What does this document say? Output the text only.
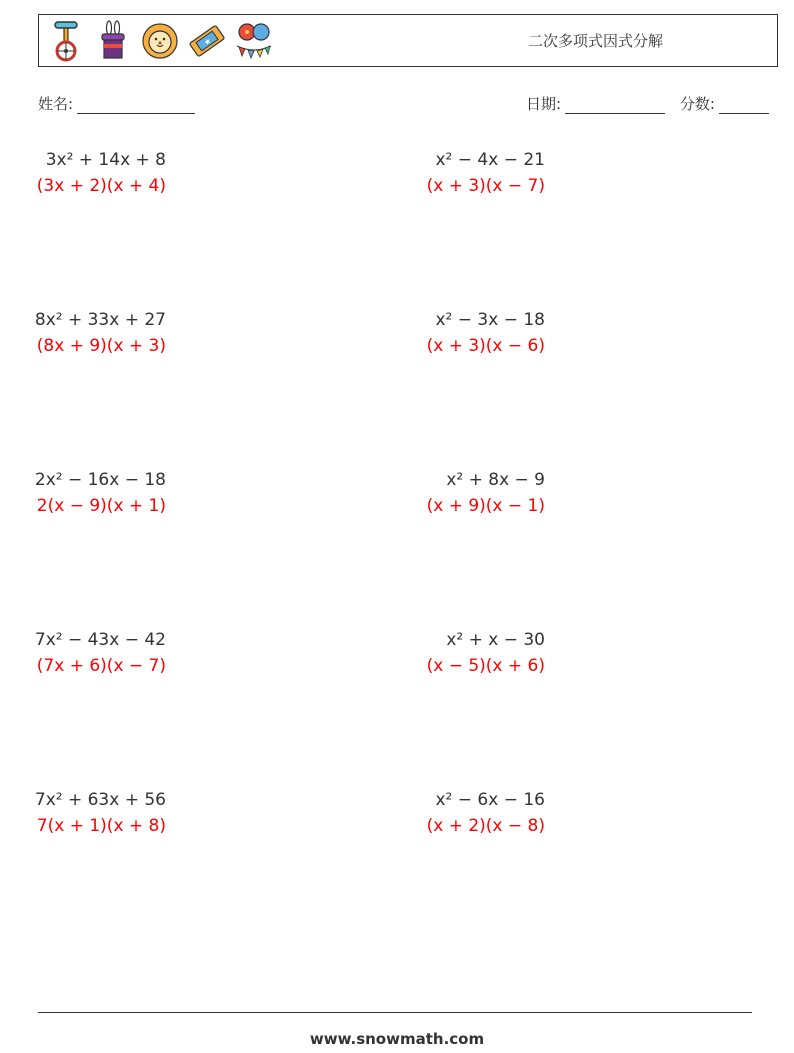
★	二次多项式因式分解
姓名:	日期:	分数:
3x² + 14x + 8
(3x + 2)(x + 4)
x² − 4x − 21
(x + 3)(x − 7)
8x² + 33x + 27
(8x + 9)(x + 3)
x² − 3x − 18
(x + 3)(x − 6)
2x² − 16x − 18
2(x − 9)(x + 1)
x² + 8x − 9
(x + 9)(x − 1)
7x² − 43x − 42
(7x + 6)(x − 7)
x² + x − 30
(x − 5)(x + 6)
7x² + 63x + 56
7(x + 1)(x + 8)
x² − 6x − 16
(x + 2)(x − 8)
www.snowmath.com
